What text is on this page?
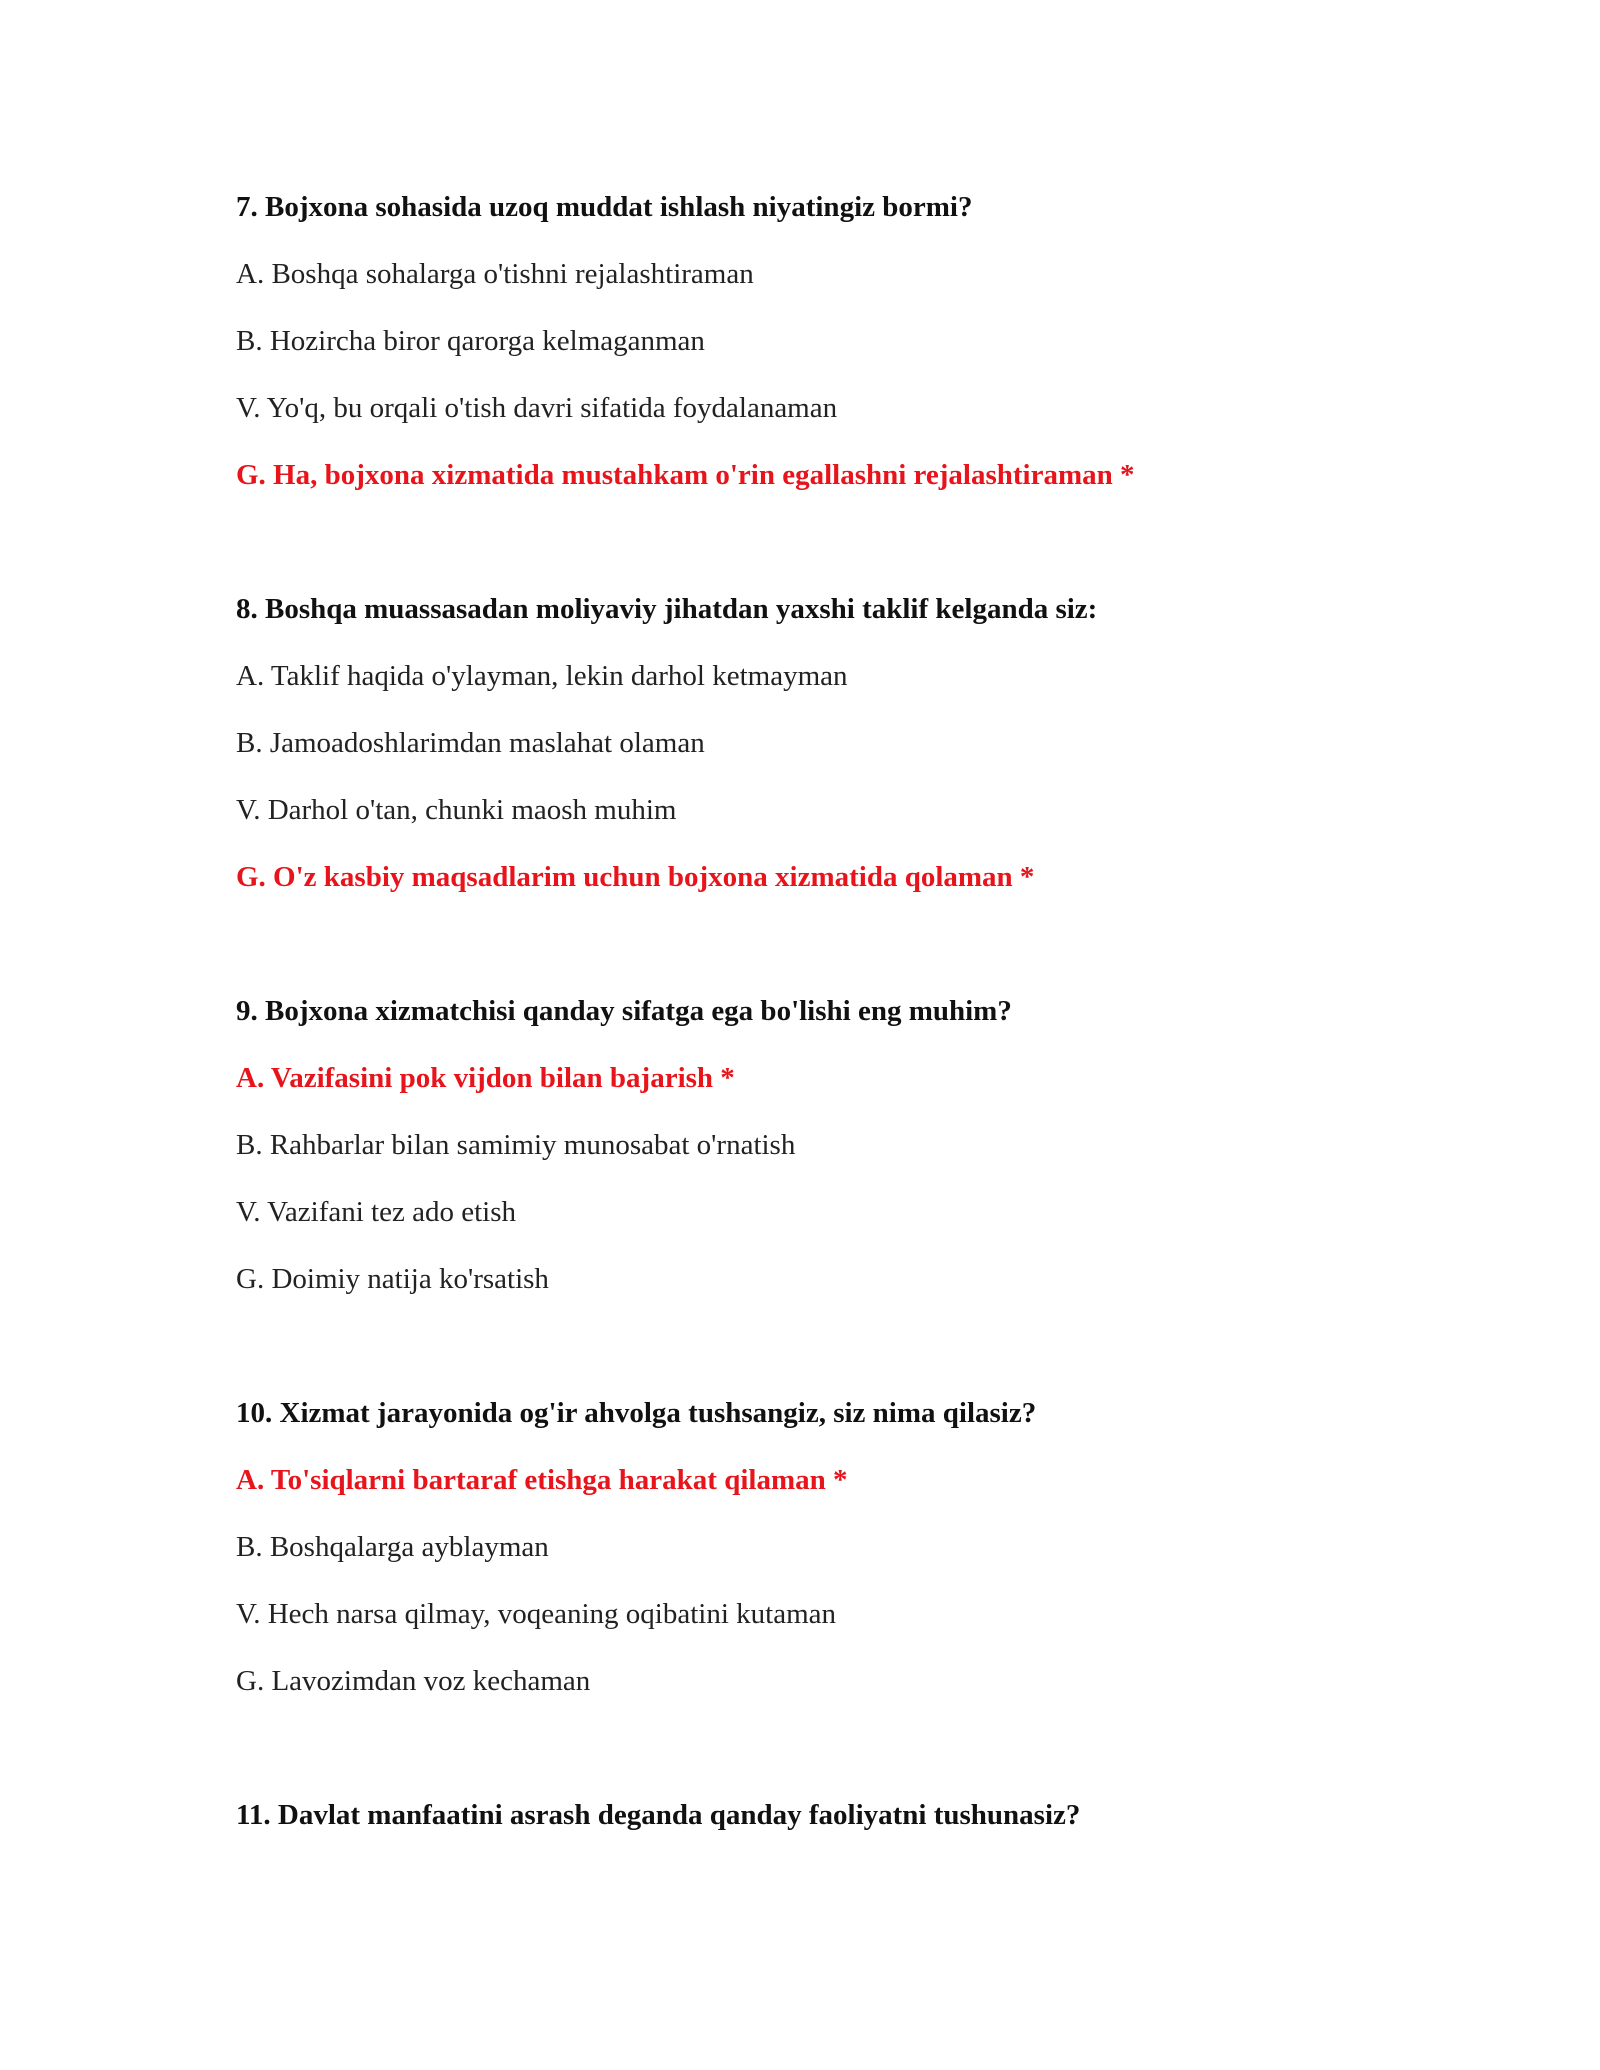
7. Bojxona sohasida uzoq muddat ishlash niyatingiz bormi?
A. Boshqa sohalarga o'tishni rejalashtiraman
B. Hozircha biror qarorga kelmaganman
V. Yo'q, bu orqali o'tish davri sifatida foydalanaman
G. Ha, bojxona xizmatida mustahkam o'rin egallashni rejalashtiraman *
8. Boshqa muassasadan moliyaviy jihatdan yaxshi taklif kelganda siz:
A. Taklif haqida o'ylayman, lekin darhol ketmayman
B. Jamoadoshlarimdan maslahat olaman
V. Darhol o'tan, chunki maosh muhim
G. O'z kasbiy maqsadlarim uchun bojxona xizmatida qolaman *
9. Bojxona xizmatchisi qanday sifatga ega bo'lishi eng muhim?
A. Vazifasini pok vijdon bilan bajarish *
B. Rahbarlar bilan samimiy munosabat o'rnatish
V. Vazifani tez ado etish
G. Doimiy natija ko'rsatish
10. Xizmat jarayonida og'ir ahvolga tushsangiz, siz nima qilasiz?
A. To'siqlarni bartaraf etishga harakat qilaman *
B. Boshqalarga ayblayman
V. Hech narsa qilmay, voqeaning oqibatini kutaman
G. Lavozimdan voz kechaman
11. Davlat manfaatini asrash deganda qanday faoliyatni tushunasiz?
